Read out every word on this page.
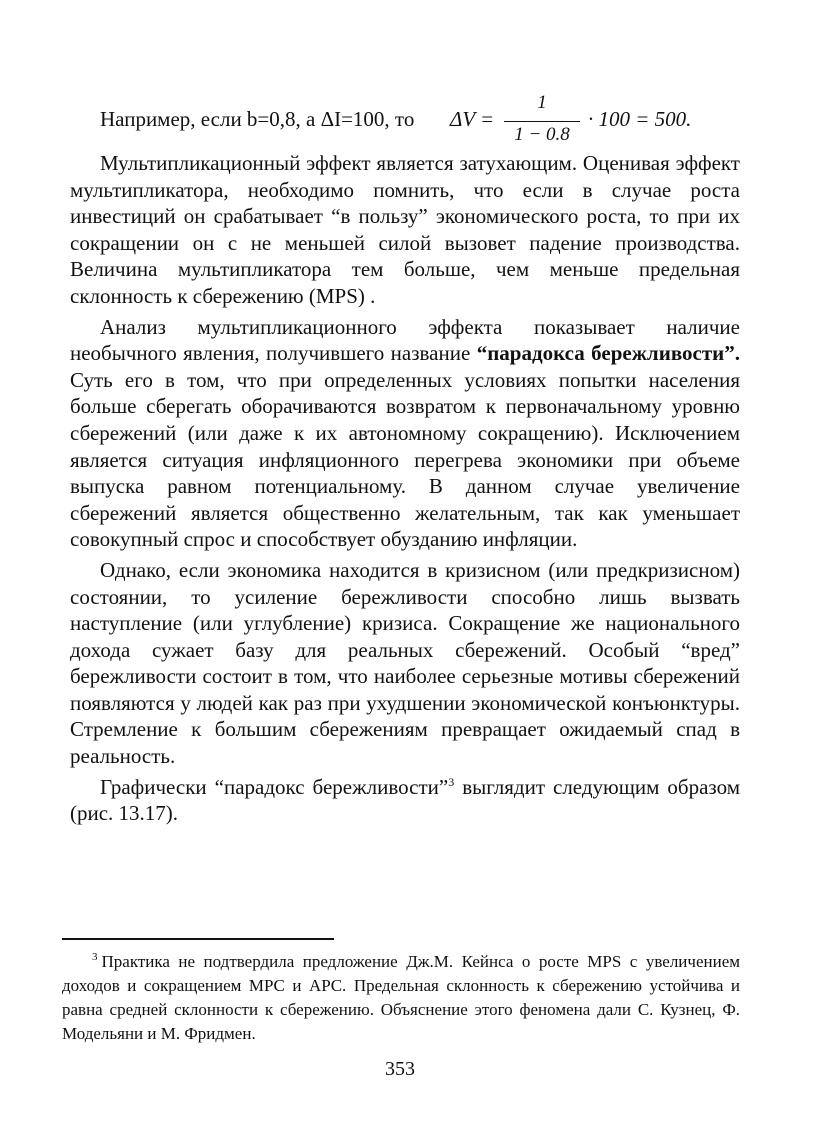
Например, если b=0,8, а ΔI=100, то ΔV =
1
1 − 0.8
· 100 = 500.

Мультипликационный эффект является затухающим. Оценивая эффект мультипликатора, необходимо помнить, что если в случае роста инвестиций он срабатывает “в пользу” экономического роста, то при их сокращении он с не меньшей силой вызовет падение производства. Величина мультипликатора тем больше, чем меньше предельная склонность к сбережению (MPS) .

Анализ мультипликационного эффекта показывает наличие необычного явления, получившего название “парадокса бережливости”. Суть его в том, что при определенных условиях попытки населения больше сберегать оборачиваются возвратом к первоначальному уровню сбережений (или даже к их автономному сокращению). Исключением является ситуация инфляционного перегрева экономики при объеме выпуска равном потенциальному. В данном случае увеличение сбережений является общественно желательным, так как уменьшает совокупный спрос и способствует обузданию инфляции.

Однако, если экономика находится в кризисном (или предкризисном) состоянии, то усиление бережливости способно лишь вызвать наступление (или углубление) кризиса. Сокращение же национального дохода сужает базу для реальных сбережений. Особый “вред” бережливости состоит в том, что наиболее серьезные мотивы сбережений появляются у людей как раз при ухудшении экономической конъюнктуры. Стремление к большим сбережениям превращает ожидаемый спад в реальность.

Графически “парадокс бережливости”$^3$ выглядит следующим образом (рис. 13.17).

$^3$ Практика не подтвердила предложение Дж.М. Кейнса о росте MPS с увеличением доходов и сокращением MPC и APC. Предельная склонность к сбережению устойчива и равна средней склонности к сбережению. Объяснение этого феномена дали С. Кузнец, Ф. Модельяни и М. Фридмен.
353
